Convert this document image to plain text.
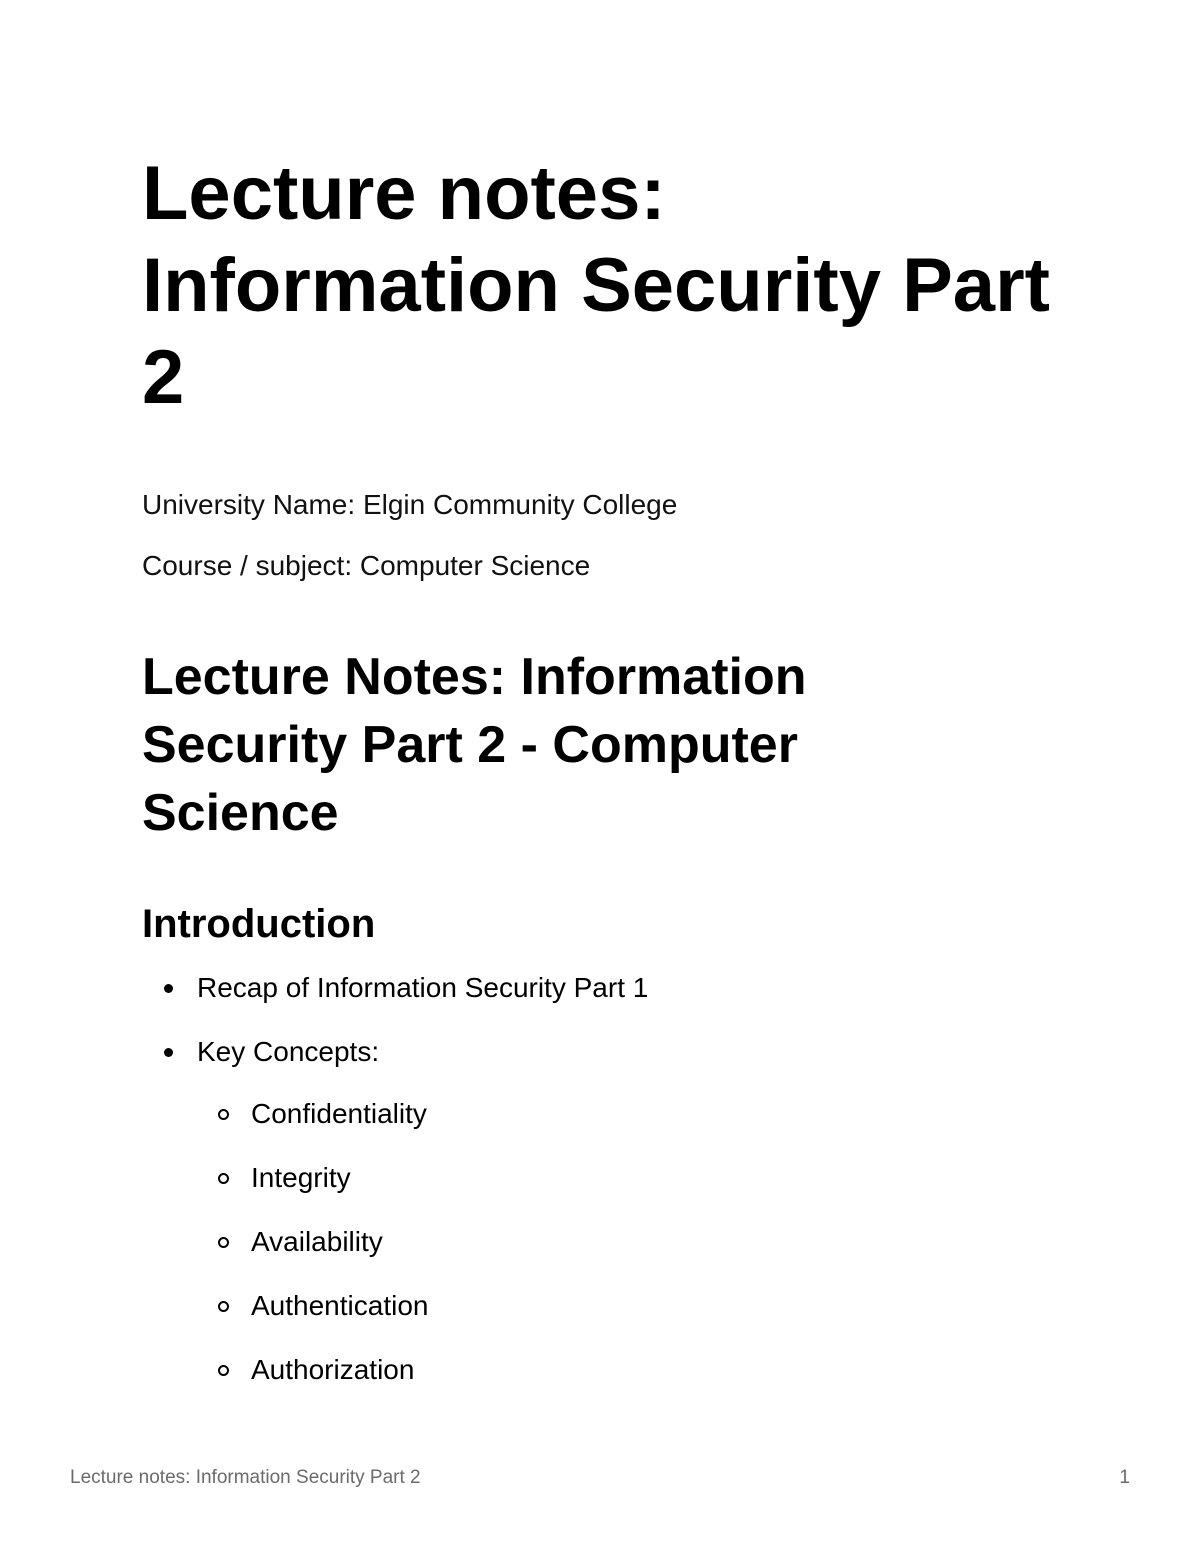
Lecture notes: Information Security Part 2

University Name: Elgin Community College

Course / subject: Computer Science

Lecture Notes: Information Security Part 2 - Computer Science
Introduction
Recap of Information Security Part 1
Key Concepts:
Confidentiality
Integrity
Availability
Authentication
Authorization
Lecture notes: Information Security Part 2	1
